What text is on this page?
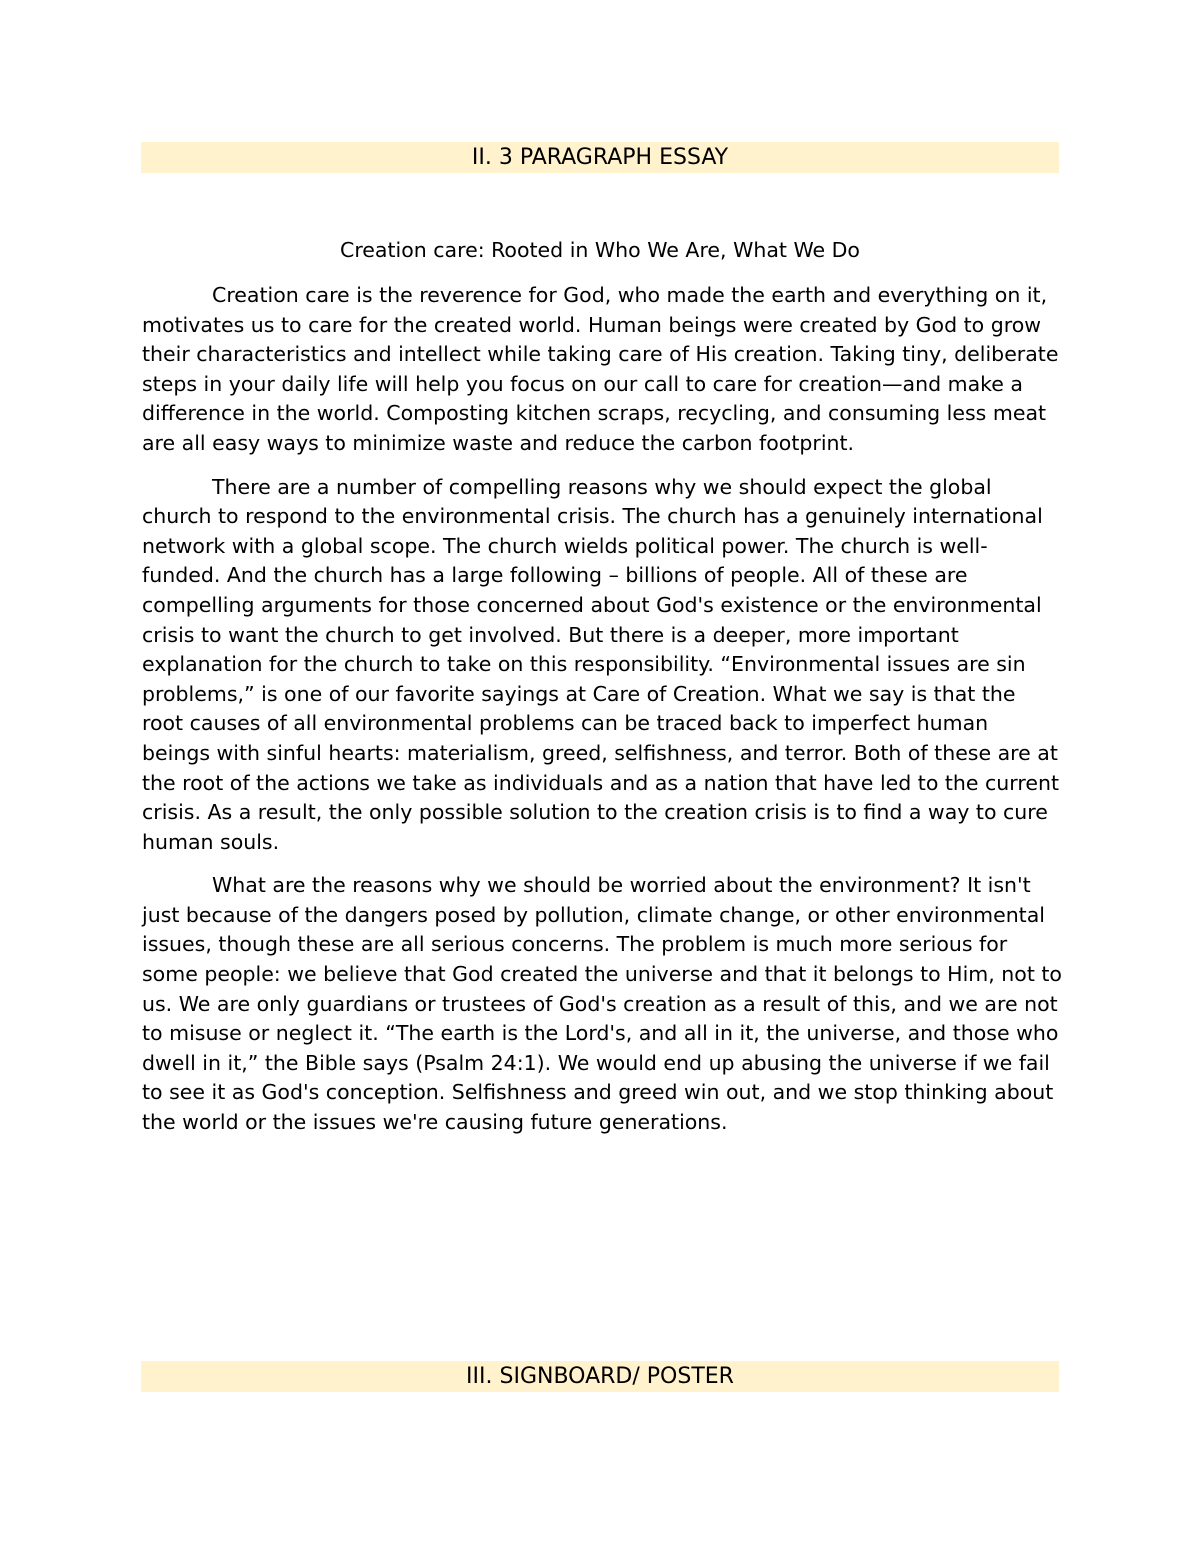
II. 3 PARAGRAPH ESSAY
Creation care: Rooted in Who We Are, What We Do

Creation care is the reverence for God, who made the earth and everything on it, motivates us to care for the created world. Human beings were created by God to grow their characteristics and intellect while taking care of His creation. Taking tiny, deliberate steps in your daily life will help you focus on our call to care for creation—and make a difference in the world. Composting kitchen scraps, recycling, and consuming less meat are all easy ways to minimize waste and reduce the carbon footprint.

There are a number of compelling reasons why we should expect the global church to respond to the environmental crisis. The church has a genuinely international network with a global scope. The church wields political power. The church is well-funded. And the church has a large following – billions of people. All of these are compelling arguments for those concerned about God's existence or the environmental crisis to want the church to get involved. But there is a deeper, more important explanation for the church to take on this responsibility. “Environmental issues are sin problems,” is one of our favorite sayings at Care of Creation. What we say is that the root causes of all environmental problems can be traced back to imperfect human beings with sinful hearts: materialism, greed, selfishness, and terror. Both of these are at the root of the actions we take as individuals and as a nation that have led to the current crisis. As a result, the only possible solution to the creation crisis is to find a way to cure human souls.

What are the reasons why we should be worried about the environment? It isn't just because of the dangers posed by pollution, climate change, or other environmental issues, though these are all serious concerns. The problem is much more serious for some people: we believe that God created the universe and that it belongs to Him, not to us. We are only guardians or trustees of God's creation as a result of this, and we are not to misuse or neglect it. “The earth is the Lord's, and all in it, the universe, and those who dwell in it,” the Bible says (Psalm 24:1). We would end up abusing the universe if we fail to see it as God's conception. Selfishness and greed win out, and we stop thinking about the world or the issues we're causing future generations.

III. SIGNBOARD/ POSTER
